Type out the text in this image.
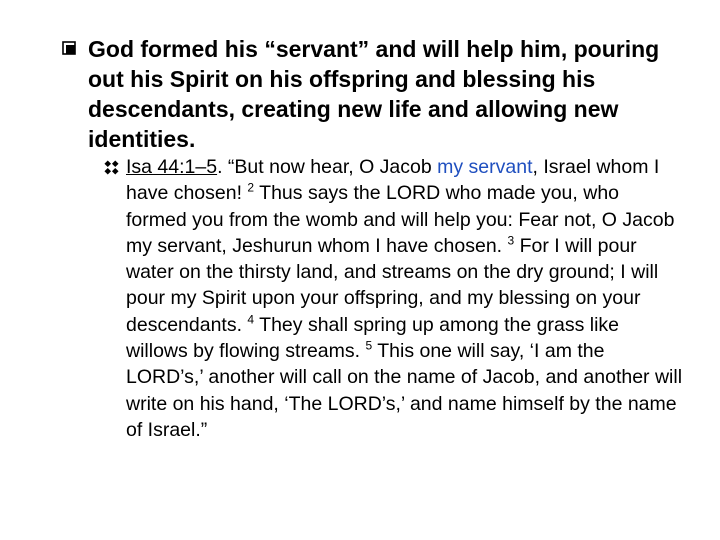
God formed his “servant” and will help him, pouring out his Spirit on his offspring and blessing his descendants, creating new life and allowing new identities.
Isa 44:1–5. “But now hear, O Jacob my servant, Israel whom I have chosen! $^2$ Thus says the LORD who made you, who formed you from the womb and will help you: Fear not, O Jacob my servant, Jeshurun whom I have chosen. $^3$ For I will pour water on the thirsty land, and streams on the dry ground; I will pour my Spirit upon your offspring, and my blessing on your descendants. $^4$ They shall spring up among the grass like willows by flowing streams. $^5$ This one will say, ‘I am the LORD’s,’ another will call on the name of Jacob, and another will write on his hand, ‘The LORD’s,’ and name himself by the name of Israel.”
